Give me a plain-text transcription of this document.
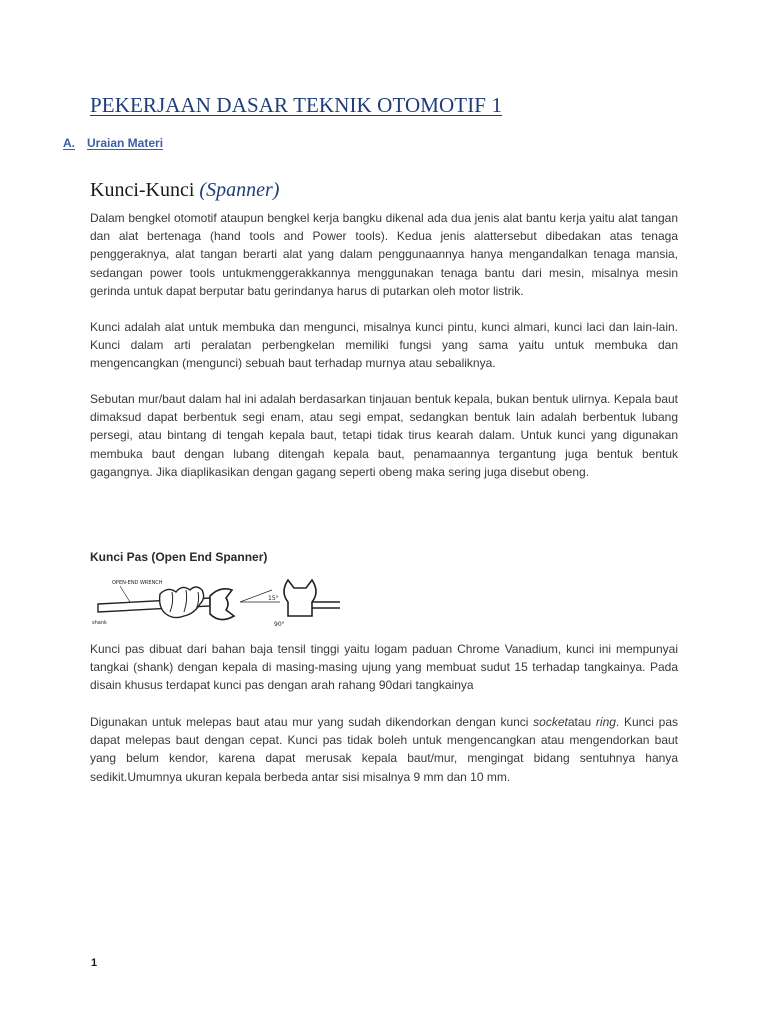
PEKERJAAN DASAR TEKNIK OTOMOTIF 1
A. Uraian Materi
Kunci-Kunci (Spanner)

Dalam bengkel otomotif ataupun bengkel kerja bangku dikenal ada dua jenis alat bantu kerja yaitu alat tangan dan alat bertenaga (hand tools and Power tools). Kedua jenis alattersebut dibedakan atas tenaga penggeraknya, alat tangan berarti alat yang dalam penggunaannya hanya mengandalkan tenaga mansia, sedangan power tools untukmenggerakkannya menggunakan tenaga bantu dari mesin, misalnya mesin gerinda untuk dapat berputar batu gerindanya harus di putarkan oleh motor listrik.

Kunci adalah alat untuk membuka dan mengunci, misalnya kunci pintu, kunci almari, kunci laci dan lain-lain. Kunci dalam arti peralatan perbengkelan memiliki fungsi yang sama yaitu untuk membuka dan mengencangkan (mengunci) sebuah baut terhadap murnya atau sebaliknya.

Sebutan mur/baut dalam hal ini adalah berdasarkan tinjauan bentuk kepala, bukan bentuk ulirnya. Kepala baut dimaksud dapat berbentuk segi enam, atau segi empat, sedangkan bentuk lain adalah berbentuk lubang persegi, atau bintang di tengah kepala baut, tetapi tidak tirus kearah dalam. Untuk kunci yang digunakan membuka baut dengan lubang ditengah kepala baut, penamaannya tergantung juga bentuk bentuk gagangnya. Jika diaplikasikan dengan gagang seperti obeng maka sering juga disebut obeng.

Kunci Pas (Open End Spanner)
15°
90°
OPEN-END WRENCH
shank

Kunci pas dibuat dari bahan baja tensil tinggi yaitu logam paduan Chrome Vanadium, kunci ini mempunyai tangkai (shank) dengan kepala di masing-masing ujung yang membuat sudut 15 terhadap tangkainya. Pada disain khusus terdapat kunci pas dengan arah rahang 90dari tangkainya

Digunakan untuk melepas baut atau mur yang sudah dikendorkan dengan kunci socketatau ring. Kunci pas dapat melepas baut dengan cepat. Kunci pas tidak boleh untuk mengencangkan atau mengendorkan baut yang belum kendor, karena dapat merusak kepala baut/mur, mengingat bidang sentuhnya hanya sedikit.Umumnya ukuran kepala berbeda antar sisi misalnya 9 mm dan 10 mm.

1
